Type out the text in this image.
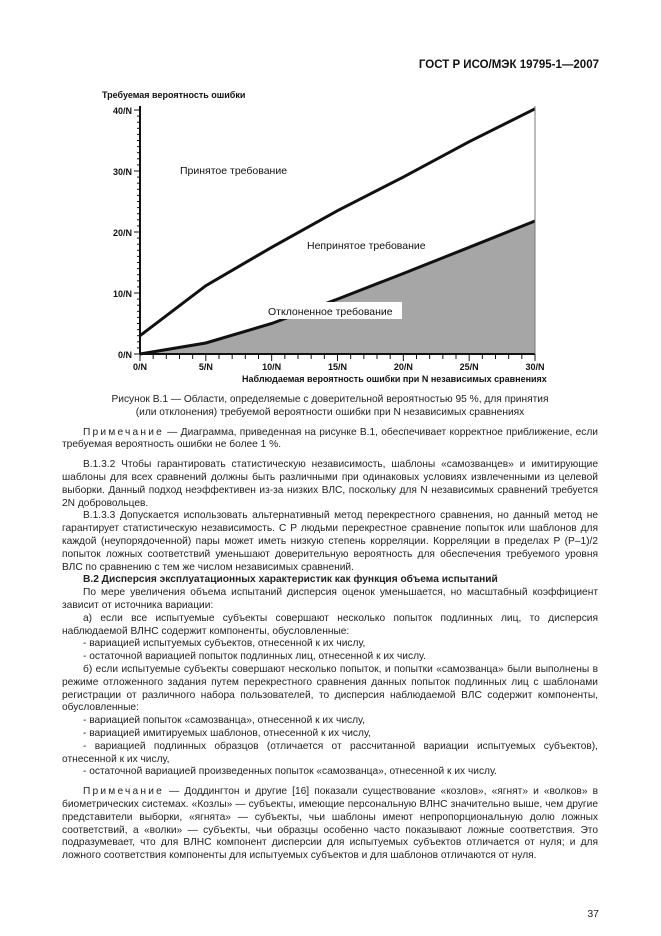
ГОСТ Р ИСО/МЭК 19795-1—2007
0/N
10/N
20/N
30/N
40/N
0/N	5/N	10/N	15/N	20/N	25/N	30/N
Требуемая вероятность ошибки
Наблюдаемая вероятность ошибки при N независимых сравнениях
Принятое требование
Непринятое требование
Отклоненное требование

Рисунок В.1 — Области, определяемые с доверительной вероятностью 95 %, для принятия

(или отклонения) требуемой вероятности ошибки при N независимых сравнениях

Примечание — Диаграмма, приведенная на рисунке В.1, обеспечивает корректное приближение, если требуемая вероятность ошибки не более 1 %.

В.1.3.2 Чтобы гарантировать статистическую независимость, шаблоны «самозванцев» и имитирующие шаблоны для всех сравнений должны быть различными при одинаковых условиях извлеченными из целевой выборки. Данный подход неэффективен из-за низких ВЛС, поскольку для N независимых сравнений требуется 2N добровольцев.

В.1.3.3 Допускается использовать альтернативный метод перекрестного сравнения, но данный метод не гарантирует статистическую независимость. С P людьми перекрестное сравнение попыток или шаблонов для каждой (неупорядоченной) пары может иметь низкую степень корреляции. Корреляции в пределах P (P–1)/2 попыток ложных соответствий уменьшают доверительную вероятность для обеспечения требуемого уровня ВЛС по сравнению с тем же числом независимых сравнений.

В.2 Дисперсия эксплуатационных характеристик как функция объема испытаний

По мере увеличения объема испытаний дисперсия оценок уменьшается, но масштабный коэффициент зависит от источника вариации:

а) если все испытуемые субъекты совершают несколько попыток подлинных лиц, то дисперсия наблюдаемой ВЛНС содержит компоненты, обусловленные:

- вариацией испытуемых субъектов, отнесенной к их числу,

- остаточной вариацией попыток подлинных лиц, отнесенной к их числу.

б) если испытуемые субъекты совершают несколько попыток, и попытки «самозванца» были выполнены в режиме отложенного задания путем перекрестного сравнения данных попыток подлинных лиц с шаблонами регистрации от различного набора пользователей, то дисперсия наблюдаемой ВЛС содержит компоненты, обусловленные:

- вариацией попыток «самозванца», отнесенной к их числу,

- вариацией имитируемых шаблонов, отнесенной к их числу,

- вариацией подлинных образцов (отличается от рассчитанной вариации испытуемых субъектов), отнесенной к их числу,

- остаточной вариацией произведенных попыток «самозванца», отнесенной к их числу.

Примечание — Доддингтон и другие [16] показали существование «козлов», «ягнят» и «волков» в биометрических системах. «Козлы» — субъекты, имеющие персональную ВЛНС значительно выше, чем другие представители выборки, «ягнята» — субъекты, чьи шаблоны имеют непропорциональную долю ложных соответствий, а «волки» — субъекты, чьи образцы особенно часто показывают ложные соответствия. Это подразумевает, что для ВЛНС компонент дисперсии для испытуемых субъектов отличается от нуля; и для ложного соответствия компоненты для испытуемых субъектов и для шаблонов отличаются от нуля.

37
